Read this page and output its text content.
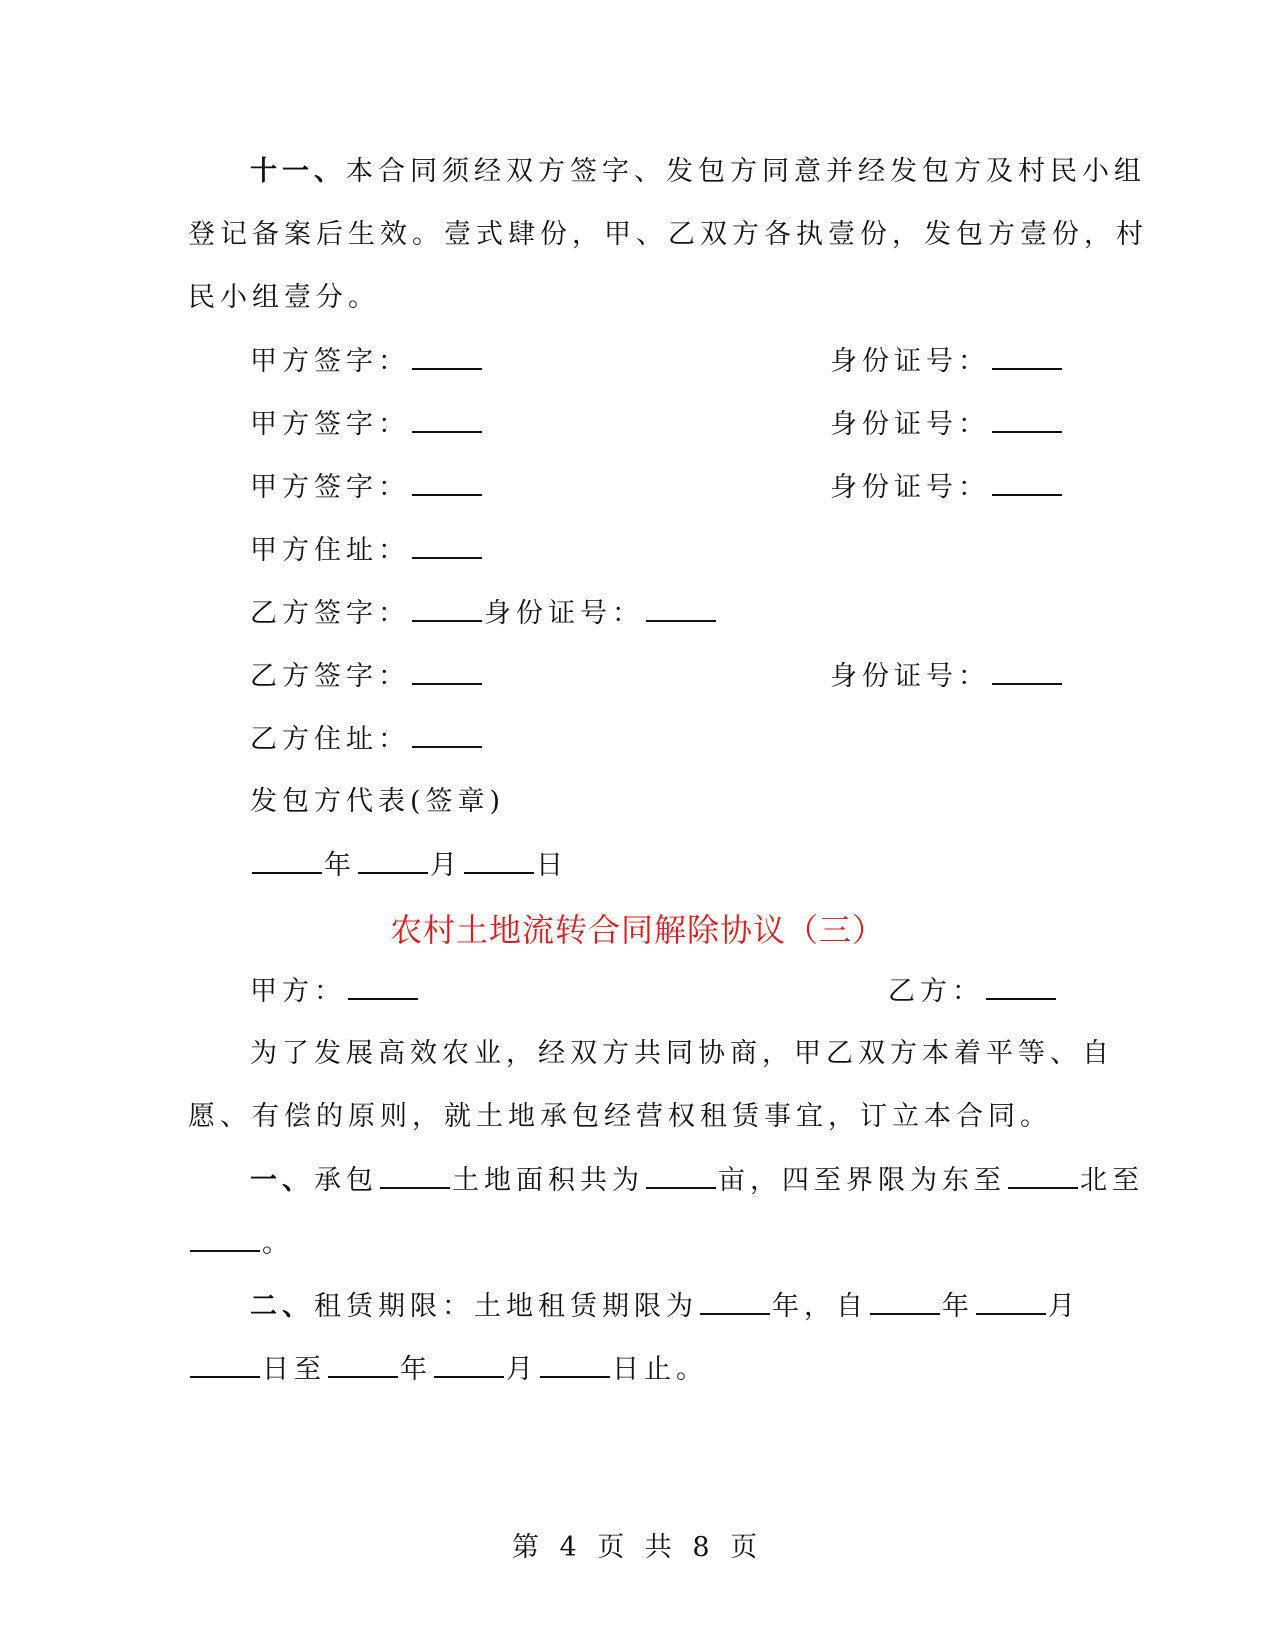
十一、本合同须经双方签字、发包方同意并经发包方及村民小组
登记备案后生效。壹式肆份，甲、乙双方各执壹份，发包方壹份，村
民小组壹分。
甲方签字：	身份证号：
甲方签字：	身份证号：
甲方签字：	身份证号：
甲方住址：
乙方签字：	身份证号：
乙方签字：	身份证号：
乙方住址：
发包方代表(签章)
年	月	日
农村土地流转合同解除协议（三）
甲方：	乙方：
为了发展高效农业，经双方共同协商，甲乙双方本着平等、自
愿、有偿的原则，就土地承包经营权租赁事宜，订立本合同。
一、承包	土地面积共为	亩，四至界限为东至	北至
。
二、租赁期限：土地租赁期限为	年，自	年	月
日至	年	月	日止。
第 4 页 共 8 页
